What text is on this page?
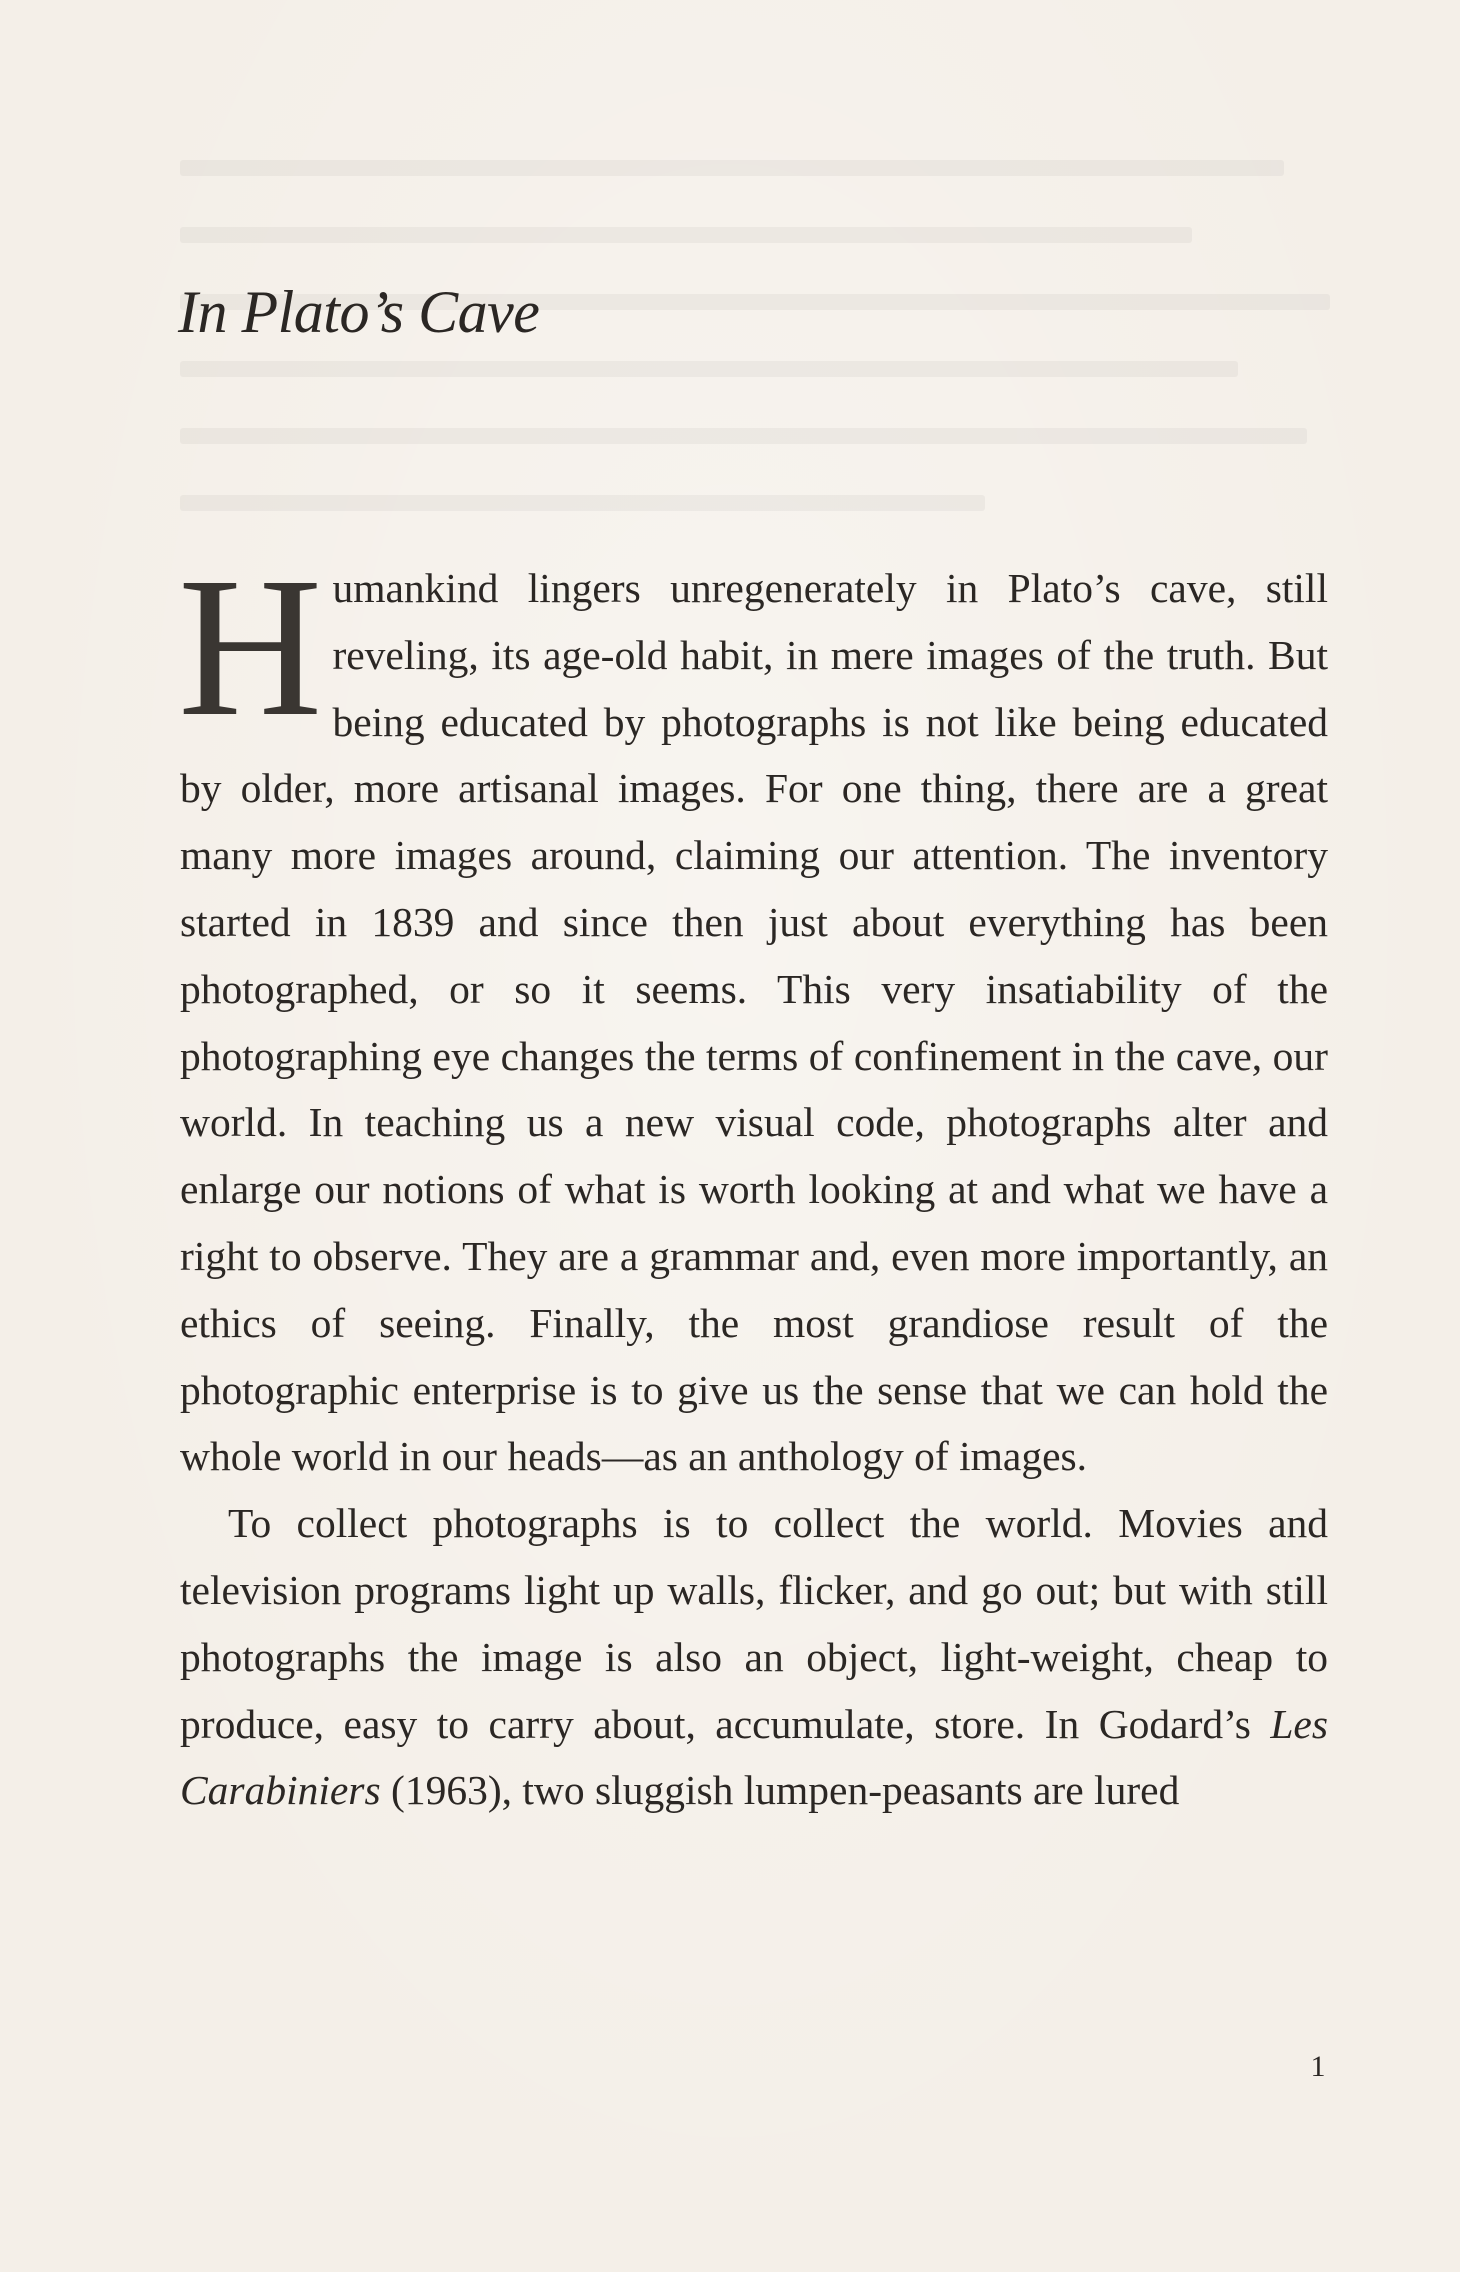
In Plato’s Cave

Humankind lingers unregenerately in Plato’s cave, still reveling, its age-old habit, in mere images of the truth. But being educated by photographs is not like being educated by older, more artisanal images. For one thing, there are a great many more images around, claiming our attention. The inventory started in 1839 and since then just about everything has been photographed, or so it seems. This very insatiability of the photographing eye changes the terms of confinement in the cave, our world. In teaching us a new visual code, photographs alter and enlarge our notions of what is worth looking at and what we have a right to observe. They are a grammar and, even more importantly, an ethics of seeing. Finally, the most grandiose result of the photographic enterprise is to give us the sense that we can hold the whole world in our heads—as an anthology of images.

To collect photographs is to collect the world. Movies and television programs light up walls, flicker, and go out; but with still photographs the image is also an object, light-weight, cheap to produce, easy to carry about, accumulate, store. In Godard’s Les Carabiniers (1963), two sluggish lumpen-peasants are lured

1
